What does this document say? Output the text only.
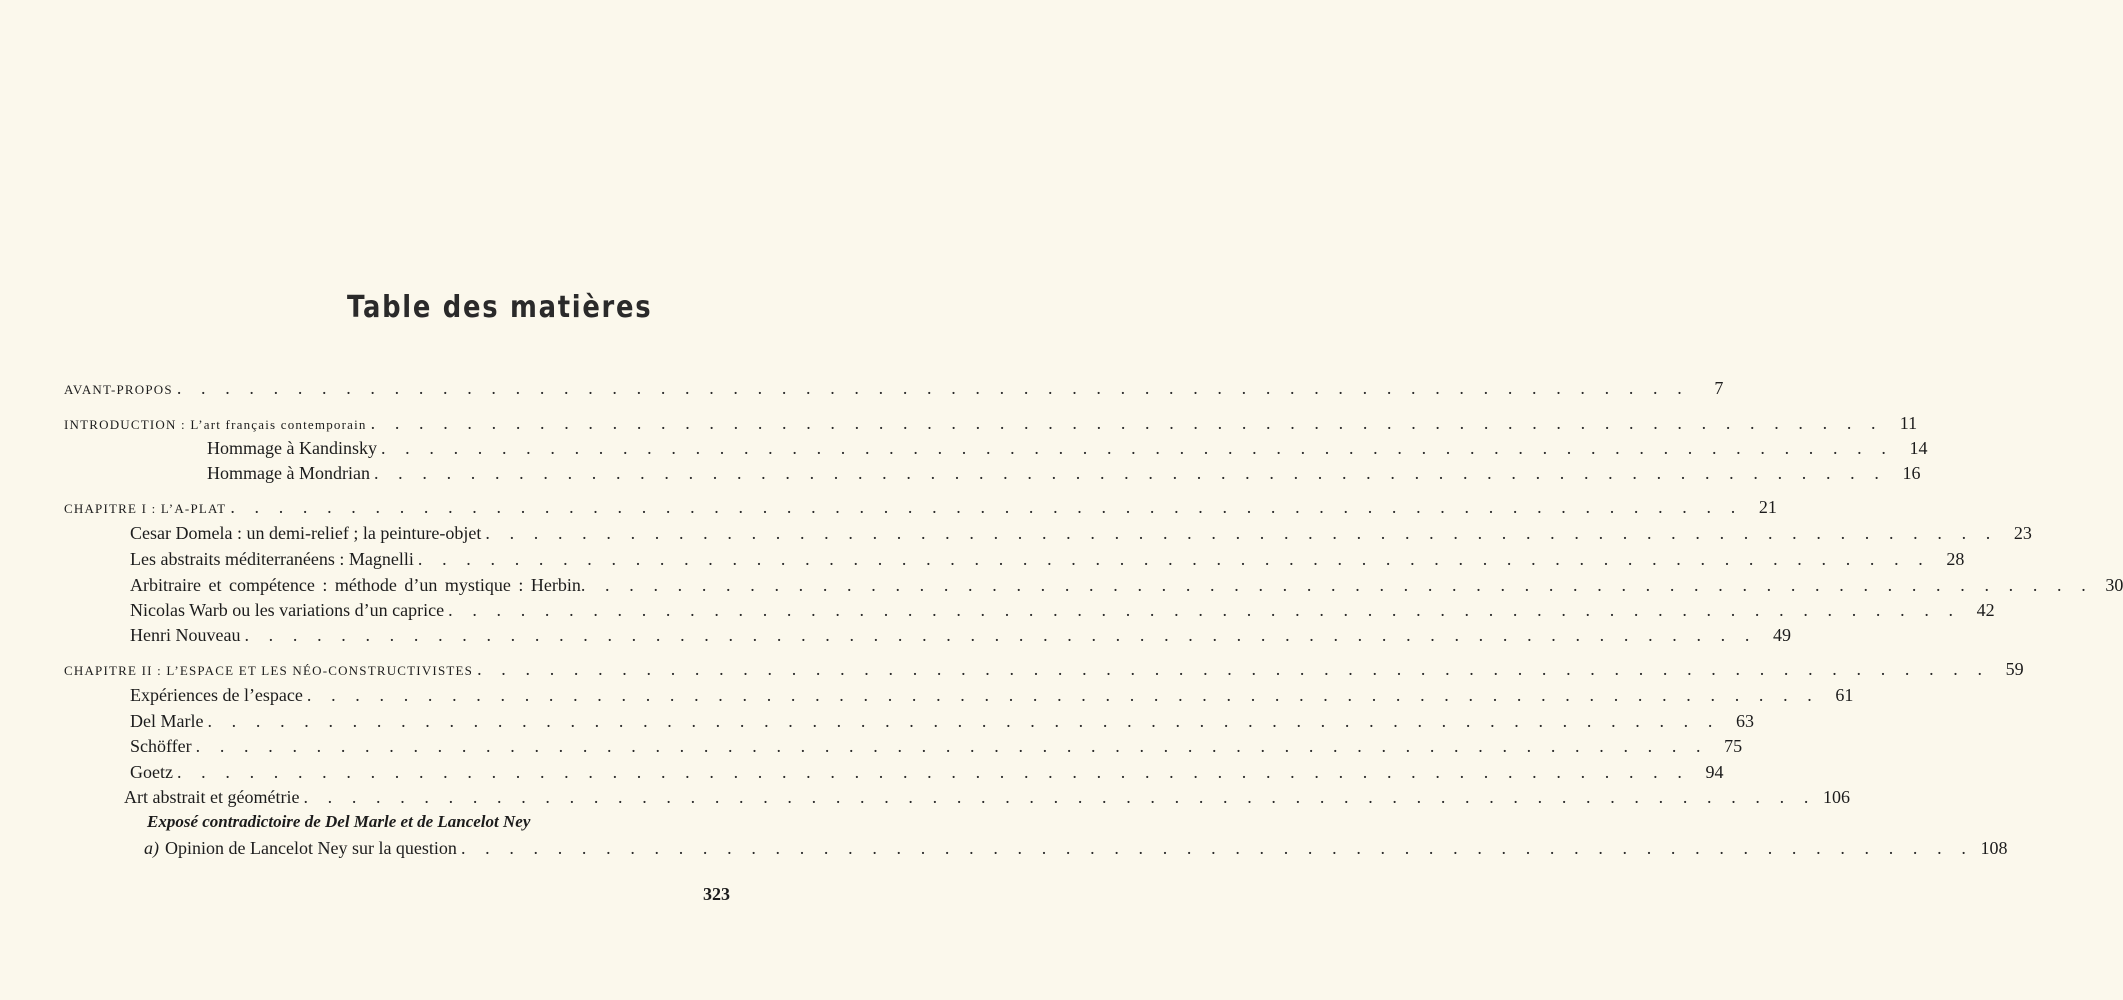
Table des matières
AVANT-PROPOS . . . . . . . . . . . . . . . . . . . . . . . . . . . . . . . . . . . . . . . . . . . . . . . . . . . . . . . . . . . . . . .	7
INTRODUCTION : L’art français contemporain . . . . . . . . . . . . . . . . . . . . . . . . . . . . . . . . . . . . . . . . . . . . . . . . . . . . . . . . . . . . . . . 11
Hommage à Kandinsky . . . . . . . . . . . . . . . . . . . . . . . . . . . . . . . . . . . . . . . . . . . . . . . . . . . . . . . . . . . . . . . 14
Hommage à Mondrian . . . . . . . . . . . . . . . . . . . . . . . . . . . . . . . . . . . . . . . . . . . . . . . . . . . . . . . . . . . . . . . 16
CHAPITRE I : L’A-PLAT . . . . . . . . . . . . . . . . . . . . . . . . . . . . . . . . . . . . . . . . . . . . . . . . . . . . . . . . . . . . . . . 21
Cesar Domela : un demi-relief ; la peinture-objet . . . . . . . . . . . . . . . . . . . . . . . . . . . . . . . . . . . . . . . . . . . . . . . . . . . . . . . . . . . . . . . 23
Les abstraits méditerranéens : Magnelli . . . . . . . . . . . . . . . . . . . . . . . . . . . . . . . . . . . . . . . . . . . . . . . . . . . . . . . . . . . . . . . 28
Arbitraire et compétence : méthode d’un mystique : Herbin . . . . . . . . . . . . . . . . . . . . . . . . . . . . . . . . . . . . . . . . . . . . . . . . . . . . . . . . . . . . . . . 30
Nicolas Warb ou les variations d’un caprice . . . . . . . . . . . . . . . . . . . . . . . . . . . . . . . . . . . . . . . . . . . . . . . . . . . . . . . . . . . . . . . 42
Henri Nouveau . . . . . . . . . . . . . . . . . . . . . . . . . . . . . . . . . . . . . . . . . . . . . . . . . . . . . . . . . . . . . . . 49
CHAPITRE II : L’ESPACE ET LES NÉO-CONSTRUCTIVISTES . . . . . . . . . . . . . . . . . . . . . . . . . . . . . . . . . . . . . . . . . . . . . . . . . . . . . . . . . . . . . . . 59
Expériences de l’espace . . . . . . . . . . . . . . . . . . . . . . . . . . . . . . . . . . . . . . . . . . . . . . . . . . . . . . . . . . . . . . . 61
Del Marle . . . . . . . . . . . . . . . . . . . . . . . . . . . . . . . . . . . . . . . . . . . . . . . . . . . . . . . . . . . . . . . 63
Schöffer . . . . . . . . . . . . . . . . . . . . . . . . . . . . . . . . . . . . . . . . . . . . . . . . . . . . . . . . . . . . . . . 75
Goetz . . . . . . . . . . . . . . . . . . . . . . . . . . . . . . . . . . . . . . . . . . . . . . . . . . . . . . . . . . . . . . . 94
Art abstrait et géométrie . . . . . . . . . . . . . . . . . . . . . . . . . . . . . . . . . . . . . . . . . . . . . . . . . . . . . . . . . . . . . . . 106
Exposé contradictoire de Del Marle et de Lancelot Ney
a) Opinion de Lancelot Ney sur la question . . . . . . . . . . . . . . . . . . . . . . . . . . . . . . . . . . . . . . . . . . . . . . . . . . . . . . . . . . . . . . . 108
323
